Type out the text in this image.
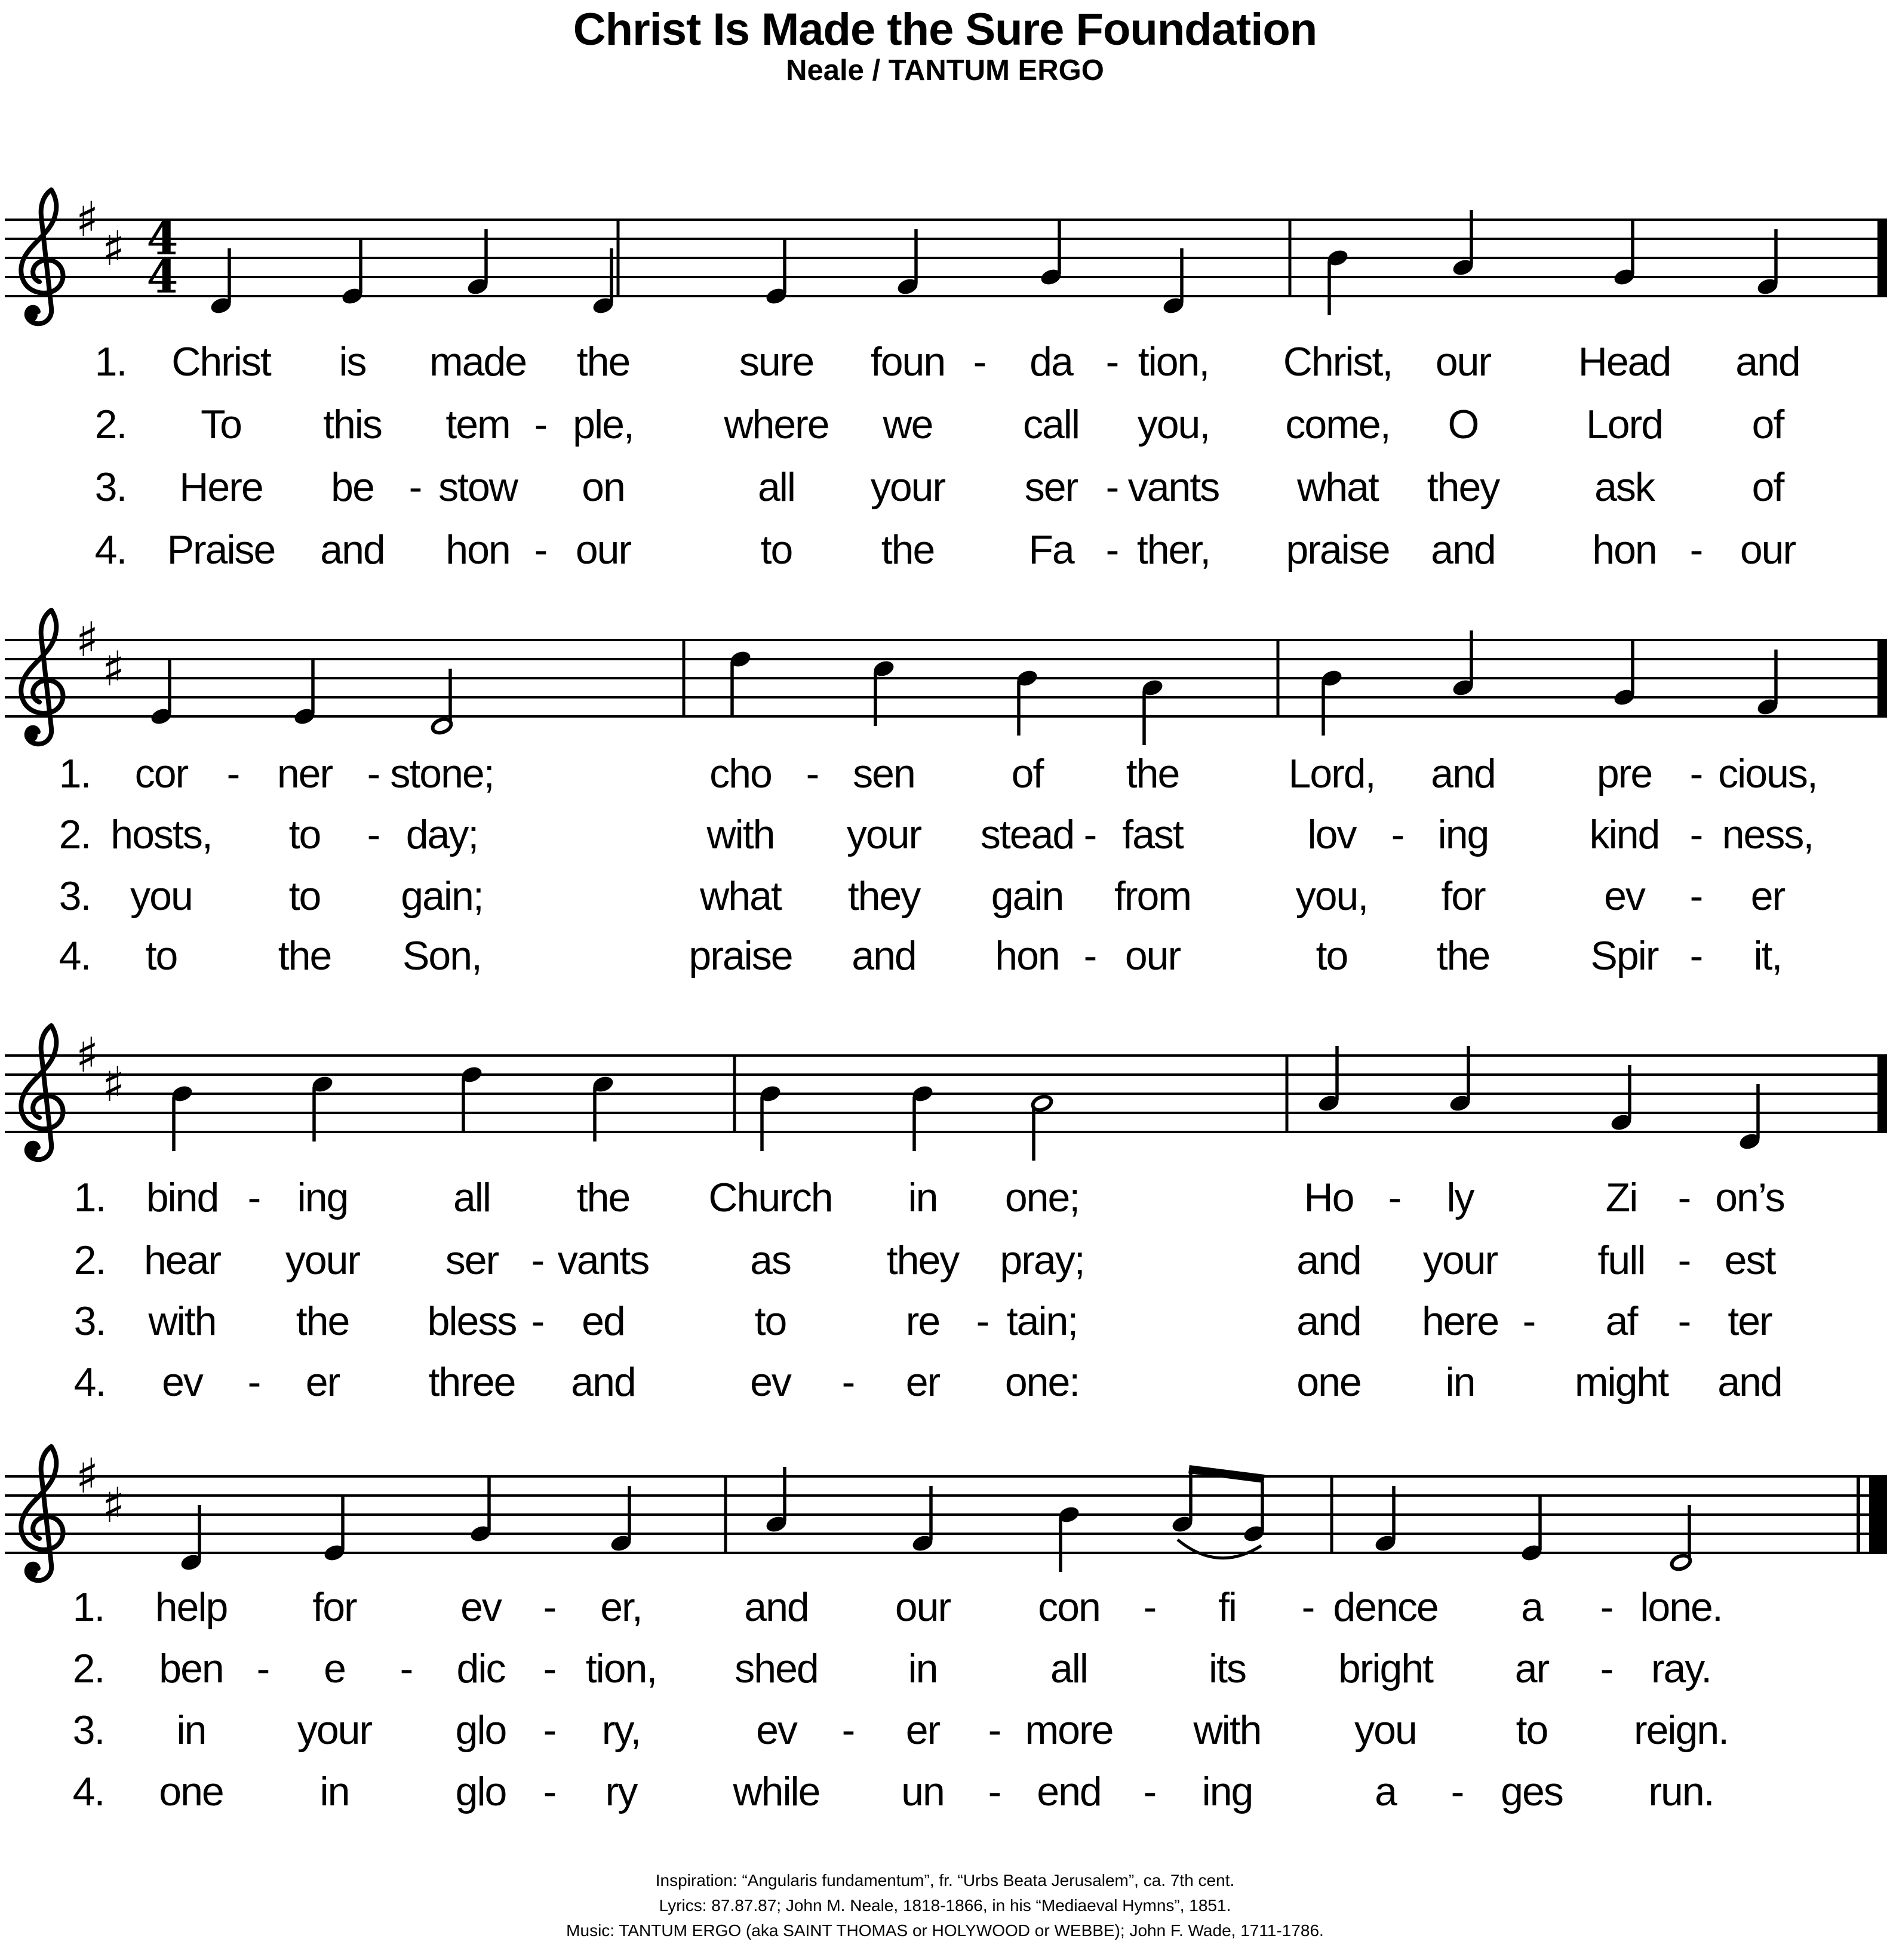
Christ Is Made the Sure Foundation
Neale / TANTUM ERGO
♯
♯ 4
4
♯
♯
♯
♯
♯
♯
1. Christ is made the	sure foun - da - tion, Christ, our Head and
2. To this tem - ple, where we call you, come, O	Lord of
3. Here be - stow on	all your ser - vants what they ask of
4. Praise and hon - our	to the Fa - ther, praise and hon - our
1. cor - ner - stone;	cho - sen of the	Lord, and	pre - cious,
2. hosts, to - day;	with your stead - fast	lov - ing kind - ness,
3. you to gain;	what they gain from	you, for	ev - er
4. to the Son,	praise and hon - our	to the Spir - it,
1. bind - ing	all the Church in one;	Ho - ly	Zi - on’s
2. hear your ser - vants as they pray;	and your full - est
3. with the bless - ed	to	re - tain;	and here - af - ter
4. ev - er three and	ev - er one:	one in might and
1. help for	ev - er,	and our con - fi - dence a - lone.
2. ben - e - dic - tion, shed in	all	its bright ar - ray.
3. in your glo - ry,	ev - er - more with you to reign.
4. one in	glo - ry while un - end - ing	a - ges run.
Inspiration: “Angularis fundamentum”, fr. “Urbs Beata Jerusalem”, ca. 7th cent.
Lyrics: 87.87.87; John M. Neale, 1818-1866, in his “Mediaeval Hymns”, 1851.
Music: TANTUM ERGO (aka SAINT THOMAS or HOLYWOOD or WEBBE); John F. Wade, 1711-1786.
